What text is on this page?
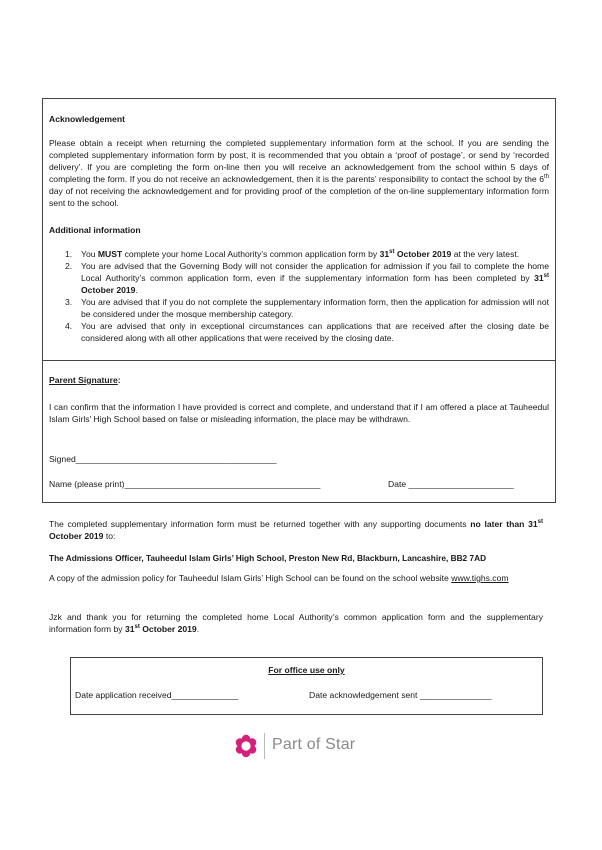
Acknowledgement

Please obtain a receipt when returning the completed supplementary information form at the school. If you are sending the completed supplementary information form by post, it is recommended that you obtain a ‘proof of postage’, or send by ‘recorded delivery’. If you are completing the form on-line then you will receive an acknowledgement from the school within 5 days of completing the form. If you do not receive an acknowledgement, then it is the parents’ responsibility to contact the school by the 6th day of not receiving the acknowledgement and for providing proof of the completion of the on-line supplementary information form sent to the school.

Additional information

1. You MUST complete your home Local Authority’s common application form by 31st October 2019 at the very latest.
2. You are advised that the Governing Body will not consider the application for admission if you fail to complete the home Local Authority’s common application form, even if the supplementary information form has been completed by 31st October 2019.
3. You are advised that if you do not complete the supplementary information form, then the application for admission will not be considered under the mosque membership category.
4. You are advised that only in exceptional circumstances can applications that are received after the closing date be considered along with all other applications that were received by the closing date.

Parent Signature:

I can confirm that the information I have provided is correct and complete, and understand that if I am offered a place at Tauheedul Islam Girls’ High School based on false or misleading information, the place may be withdrawn.

Signed__________________________________________

Name (please print)_________________________________________	Date ______________________

The completed supplementary information form must be returned together with any supporting documents no later than 31st October 2019 to:

The Admissions Officer, Tauheedul Islam Girls’ High School, Preston New Rd, Blackburn, Lancashire, BB2 7AD

A copy of the admission policy for Tauheedul Islam Girls’ High School can be found on the school website www.tighs.com

Jzk and thank you for returning the completed home Local Authority’s common application form and the supplementary information form by 31st October 2019.

For office use only

Date application received______________	Date acknowledgement sent _______________

Part of Star
